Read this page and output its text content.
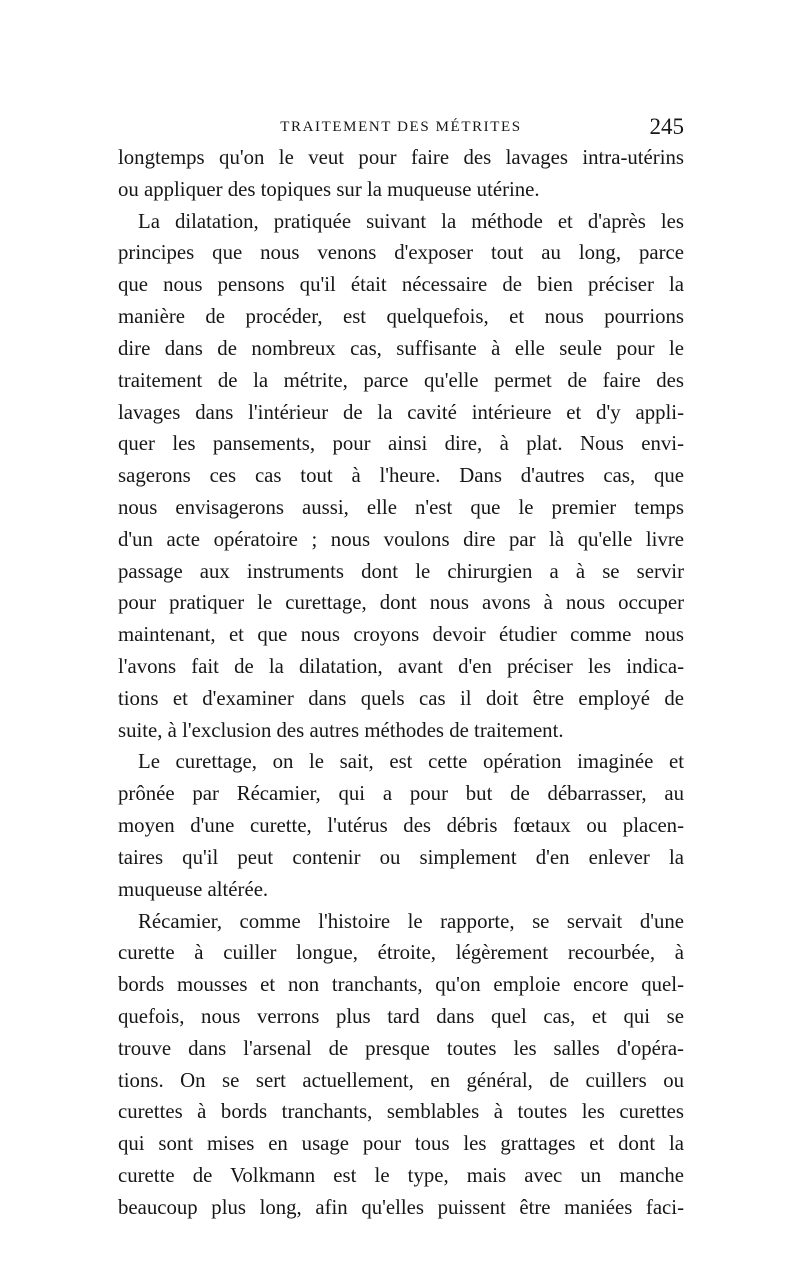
TRAITEMENT DES MÉTRITES	245
longtemps qu'on le veut pour faire des lavages intra-utérins
ou appliquer des topiques sur la muqueuse utérine.
La dilatation, pratiquée suivant la méthode et d'après les
principes que nous venons d'exposer tout au long, parce
que nous pensons qu'il était nécessaire de bien préciser la
manière de procéder, est quelquefois, et nous pourrions
dire dans de nombreux cas, suffisante à elle seule pour le
traitement de la métrite, parce qu'elle permet de faire des
lavages dans l'intérieur de la cavité intérieure et d'y appli-
quer les pansements, pour ainsi dire, à plat. Nous envi-
sagerons ces cas tout à l'heure. Dans d'autres cas, que
nous envisagerons aussi, elle n'est que le premier temps
d'un acte opératoire ; nous voulons dire par là qu'elle livre
passage aux instruments dont le chirurgien a à se servir
pour pratiquer le curettage, dont nous avons à nous occuper
maintenant, et que nous croyons devoir étudier comme nous
l'avons fait de la dilatation, avant d'en préciser les indica-
tions et d'examiner dans quels cas il doit être employé de
suite, à l'exclusion des autres méthodes de traitement.
Le curettage, on le sait, est cette opération imaginée et
prônée par Récamier, qui a pour but de débarrasser, au
moyen d'une curette, l'utérus des débris fœtaux ou placen-
taires qu'il peut contenir ou simplement d'en enlever la
muqueuse altérée.
Récamier, comme l'histoire le rapporte, se servait d'une
curette à cuiller longue, étroite, légèrement recourbée, à
bords mousses et non tranchants, qu'on emploie encore quel-
quefois, nous verrons plus tard dans quel cas, et qui se
trouve dans l'arsenal de presque toutes les salles d'opéra-
tions. On se sert actuellement, en général, de cuillers ou
curettes à bords tranchants, semblables à toutes les curettes
qui sont mises en usage pour tous les grattages et dont la
curette de Volkmann est le type, mais avec un manche
beaucoup plus long, afin qu'elles puissent être maniées faci-
